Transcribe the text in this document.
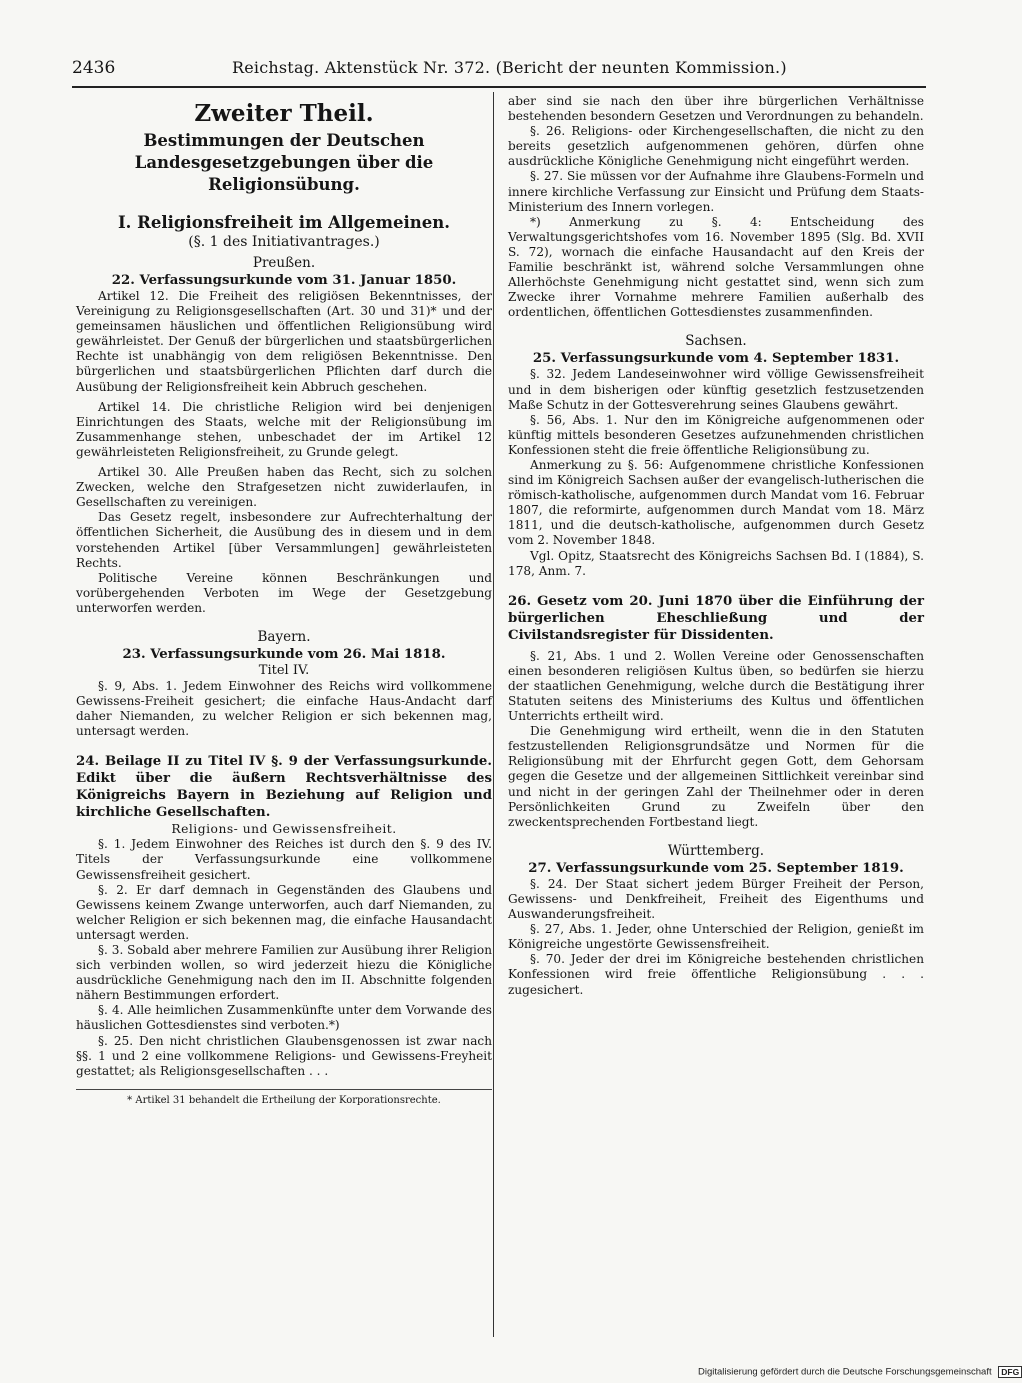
2436	Reichstag. Aktenstück Nr. 372. (Bericht der neunten Kommission.)
Zweiter Theil.
Bestimmungen der Deutschen Landesgesetzgebungen über die Religionsübung.
I. Religionsfreiheit im Allgemeinen.
(§. 1 des Initiativantrages.)
Preußen.
22. Verfassungsurkunde vom 31. Januar 1850.

Artikel 12. Die Freiheit des religiösen Bekenntnisses, der Vereinigung zu Religionsgesellschaften (Art. 30 und 31)* und der gemeinsamen häuslichen und öffentlichen Religionsübung wird gewährleistet. Der Genuß der bürgerlichen und staatsbürgerlichen Rechte ist unabhängig von dem religiösen Bekenntnisse. Den bürgerlichen und staatsbürgerlichen Pflichten darf durch die Ausübung der Religionsfreiheit kein Abbruch geschehen.

Artikel 14. Die christliche Religion wird bei denjenigen Einrichtungen des Staats, welche mit der Religionsübung im Zusammenhange stehen, unbeschadet der im Artikel 12 gewährleisteten Religionsfreiheit, zu Grunde gelegt.

Artikel 30. Alle Preußen haben das Recht, sich zu solchen Zwecken, welche den Strafgesetzen nicht zuwiderlaufen, in Gesellschaften zu vereinigen.

Das Gesetz regelt, insbesondere zur Aufrechterhaltung der öffentlichen Sicherheit, die Ausübung des in diesem und in dem vorstehenden Artikel [über Versammlungen] gewährleisteten Rechts.

Politische Vereine können Beschränkungen und vorübergehenden Verboten im Wege der Gesetzgebung unterworfen werden.

Bayern.
23. Verfassungsurkunde vom 26. Mai 1818.
Titel IV.

§. 9, Abs. 1. Jedem Einwohner des Reichs wird vollkommene Gewissens-Freiheit gesichert; die einfache Haus-Andacht darf daher Niemanden, zu welcher Religion er sich bekennen mag, untersagt werden.

24. Beilage II zu Titel IV §. 9 der Verfassungsurkunde. Edikt über die äußern Rechtsverhältnisse des Königreichs Bayern in Beziehung auf Religion und kirchliche Gesellschaften.
Religions- und Gewissensfreiheit.

§. 1. Jedem Einwohner des Reiches ist durch den §. 9 des IV. Titels der Verfassungsurkunde eine vollkommene Gewissensfreiheit gesichert.

§. 2. Er darf demnach in Gegenständen des Glaubens und Gewissens keinem Zwange unterworfen, auch darf Niemanden, zu welcher Religion er sich bekennen mag, die einfache Hausandacht untersagt werden.

§. 3. Sobald aber mehrere Familien zur Ausübung ihrer Religion sich verbinden wollen, so wird jederzeit hiezu die Königliche ausdrückliche Genehmigung nach den im II. Abschnitte folgenden nähern Bestimmungen erfordert.

§. 4. Alle heimlichen Zusammenkünfte unter dem Vorwande des häuslichen Gottesdienstes sind verboten.*)

§. 25. Den nicht christlichen Glaubensgenossen ist zwar nach §§. 1 und 2 eine vollkommene Religions- und Gewissens-Freyheit gestattet; als Religionsgesellschaften . . .

* Artikel 31 behandelt die Ertheilung der Korporationsrechte.

aber sind sie nach den über ihre bürgerlichen Verhältnisse bestehenden besondern Gesetzen und Verordnungen zu behandeln.

§. 26. Religions- oder Kirchengesellschaften, die nicht zu den bereits gesetzlich aufgenommenen gehören, dürfen ohne ausdrückliche Königliche Genehmigung nicht eingeführt werden.

§. 27. Sie müssen vor der Aufnahme ihre Glaubens-Formeln und innere kirchliche Verfassung zur Einsicht und Prüfung dem Staats-Ministerium des Innern vorlegen.

*) Anmerkung zu §. 4: Entscheidung des Verwaltungsgerichtshofes vom 16. November 1895 (Slg. Bd. XVII S. 72), wornach die einfache Hausandacht auf den Kreis der Familie beschränkt ist, während solche Versammlungen ohne Allerhöchste Genehmigung nicht gestattet sind, wenn sich zum Zwecke ihrer Vornahme mehrere Familien außerhalb des ordentlichen, öffentlichen Gottesdienstes zusammenfinden.

Sachsen.
25. Verfassungsurkunde vom 4. September 1831.

§. 32. Jedem Landeseinwohner wird völlige Gewissensfreiheit und in dem bisherigen oder künftig gesetzlich festzusetzenden Maße Schutz in der Gottesverehrung seines Glaubens gewährt.

§. 56, Abs. 1. Nur den im Königreiche aufgenommenen oder künftig mittels besonderen Gesetzes aufzunehmenden christlichen Konfessionen steht die freie öffentliche Religionsübung zu.

Anmerkung zu §. 56: Aufgenommene christliche Konfessionen sind im Königreich Sachsen außer der evangelisch-lutherischen die römisch-katholische, aufgenommen durch Mandat vom 16. Februar 1807, die reformirte, aufgenommen durch Mandat vom 18. März 1811, und die deutsch-katholische, aufgenommen durch Gesetz vom 2. November 1848.

Vgl. Opitz, Staatsrecht des Königreichs Sachsen Bd. I (1884), S. 178, Anm. 7.

26. Gesetz vom 20. Juni 1870 über die Einführung der bürgerlichen Eheschließung und der Civilstandsregister für Dissidenten.

§. 21, Abs. 1 und 2. Wollen Vereine oder Genossenschaften einen besonderen religiösen Kultus üben, so bedürfen sie hierzu der staatlichen Genehmigung, welche durch die Bestätigung ihrer Statuten seitens des Ministeriums des Kultus und öffentlichen Unterrichts ertheilt wird.

Die Genehmigung wird ertheilt, wenn die in den Statuten festzustellenden Religionsgrundsätze und Normen für die Religionsübung mit der Ehrfurcht gegen Gott, dem Gehorsam gegen die Gesetze und der allgemeinen Sittlichkeit vereinbar sind und nicht in der geringen Zahl der Theilnehmer oder in deren Persönlichkeiten Grund zu Zweifeln über den zweckentsprechenden Fortbestand liegt.

Württemberg.
27. Verfassungsurkunde vom 25. September 1819.

§. 24. Der Staat sichert jedem Bürger Freiheit der Person, Gewissens- und Denkfreiheit, Freiheit des Eigenthums und Auswanderungsfreiheit.

§. 27, Abs. 1. Jeder, ohne Unterschied der Religion, genießt im Königreiche ungestörte Gewissensfreiheit.

§. 70. Jeder der drei im Königreiche bestehenden christlichen Konfessionen wird freie öffentliche Religionsübung . . . zugesichert.

Digitalisierung gefördert durch die Deutsche Forschungsgemeinschaft DFG
